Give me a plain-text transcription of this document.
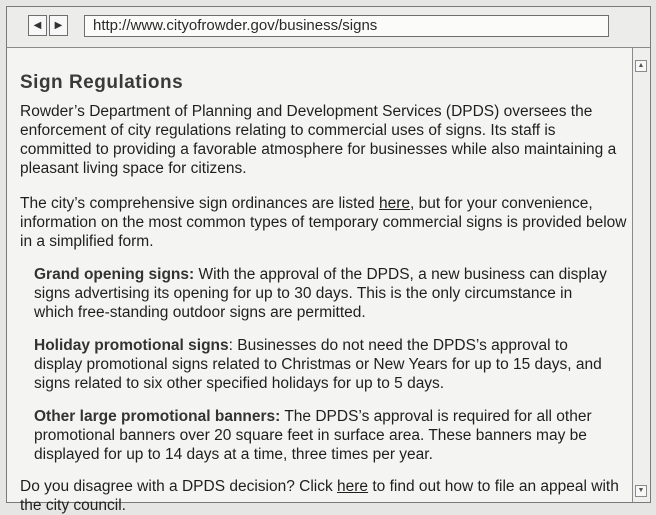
◀	▶	http://www.cityofrowder.gov/business/signs
Sign Regulations

Rowder’s Department of Planning and Development Services (DPDS) oversees the enforcement of city regulations relating to commercial uses of signs. Its staff is committed to providing a favorable atmosphere for businesses while also maintaining a pleasant living space for citizens.

The city’s comprehensive sign ordinances are listed here, but for your convenience, information on the most common types of temporary commercial signs is provided below in a simplified form.

Grand opening signs: With the approval of the DPDS, a new business can display signs advertising its opening for up to 30 days. This is the only circumstance in which free-standing outdoor signs are permitted.

Holiday promotional signs: Businesses do not need the DPDS’s approval to display promotional signs related to Christmas or New Years for up to 15 days, and signs related to six other specified holidays for up to 5 days.

Other large promotional banners: The DPDS’s approval is required for all other promotional banners over 20 square feet in surface area. These banners may be displayed for up to 14 days at a time, three times per year.

Do you disagree with a DPDS decision? Click here to find out how to file an appeal with the city council.

▲
▼
